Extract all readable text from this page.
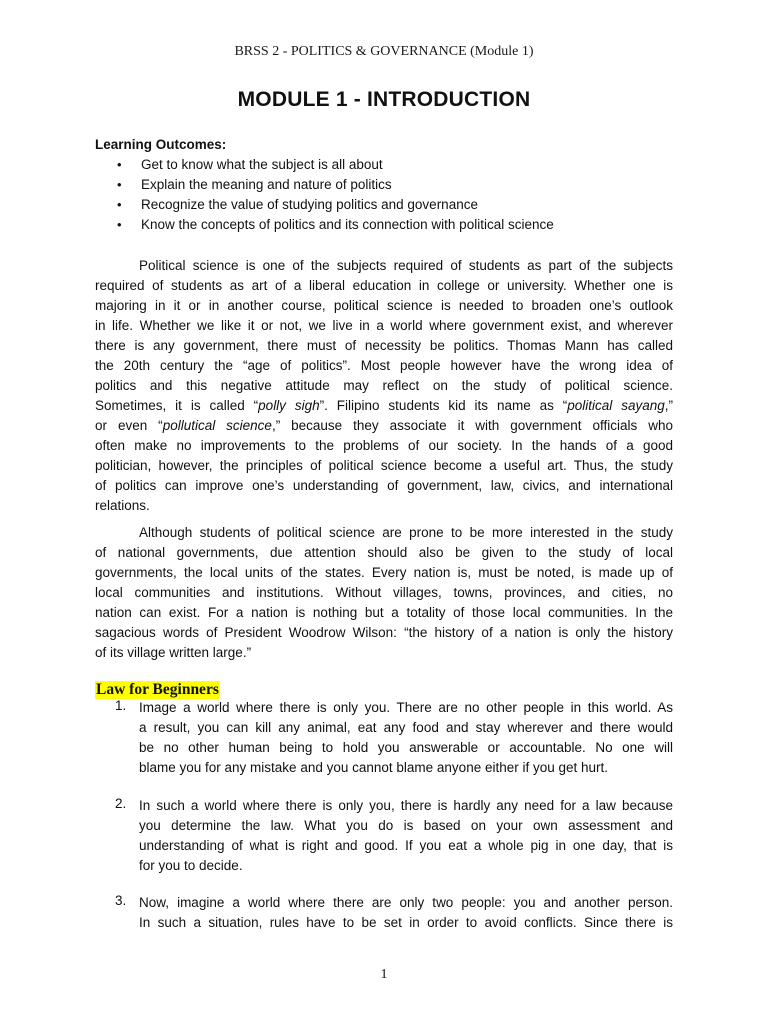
BRSS 2 - POLITICS & GOVERNANCE (Module 1)
MODULE 1 - INTRODUCTION
Learning Outcomes:
• Get to know what the subject is all about
• Explain the meaning and nature of politics
• Recognize the value of studying politics and governance
• Know the concepts of politics and its connection with political science
Political science is one of the subjects required of students as part of the subjects
required of students as art of a liberal education in college or university. Whether one is
majoring in it or in another course, political science is needed to broaden one’s outlook
in life. Whether we like it or not, we live in a world where government exist, and wherever
there is any government, there must of necessity be politics. Thomas Mann has called
the 20th century the “age of politics”. Most people however have the wrong idea of
politics and this negative attitude may reflect on the study of political science.
Sometimes, it is called “polly sigh”. Filipino students kid its name as “political sayang,”
or even “pollutical science,” because they associate it with government officials who
often make no improvements to the problems of our society. In the hands of a good
politician, however, the principles of political science become a useful art. Thus, the study
of politics can improve one’s understanding of government, law, civics, and international
relations.
Although students of political science are prone to be more interested in the study
of national governments, due attention should also be given to the study of local
governments, the local units of the states. Every nation is, must be noted, is made up of
local communities and institutions. Without villages, towns, provinces, and cities, no
nation can exist. For a nation is nothing but a totality of those local communities. In the
sagacious words of President Woodrow Wilson: “the history of a nation is only the history
of its village written large.”
Law for Beginners
1. Image a world where there is only you. There are no other people in this world. As
a result, you can kill any animal, eat any food and stay wherever and there would
be no other human being to hold you answerable or accountable. No one will
blame you for any mistake and you cannot blame anyone either if you get hurt.
2. In such a world where there is only you, there is hardly any need for a law because
you determine the law. What you do is based on your own assessment and
understanding of what is right and good. If you eat a whole pig in one day, that is
for you to decide.
3. Now, imagine a world where there are only two people: you and another person.
In such a situation, rules have to be set in order to avoid conflicts. Since there is
1
